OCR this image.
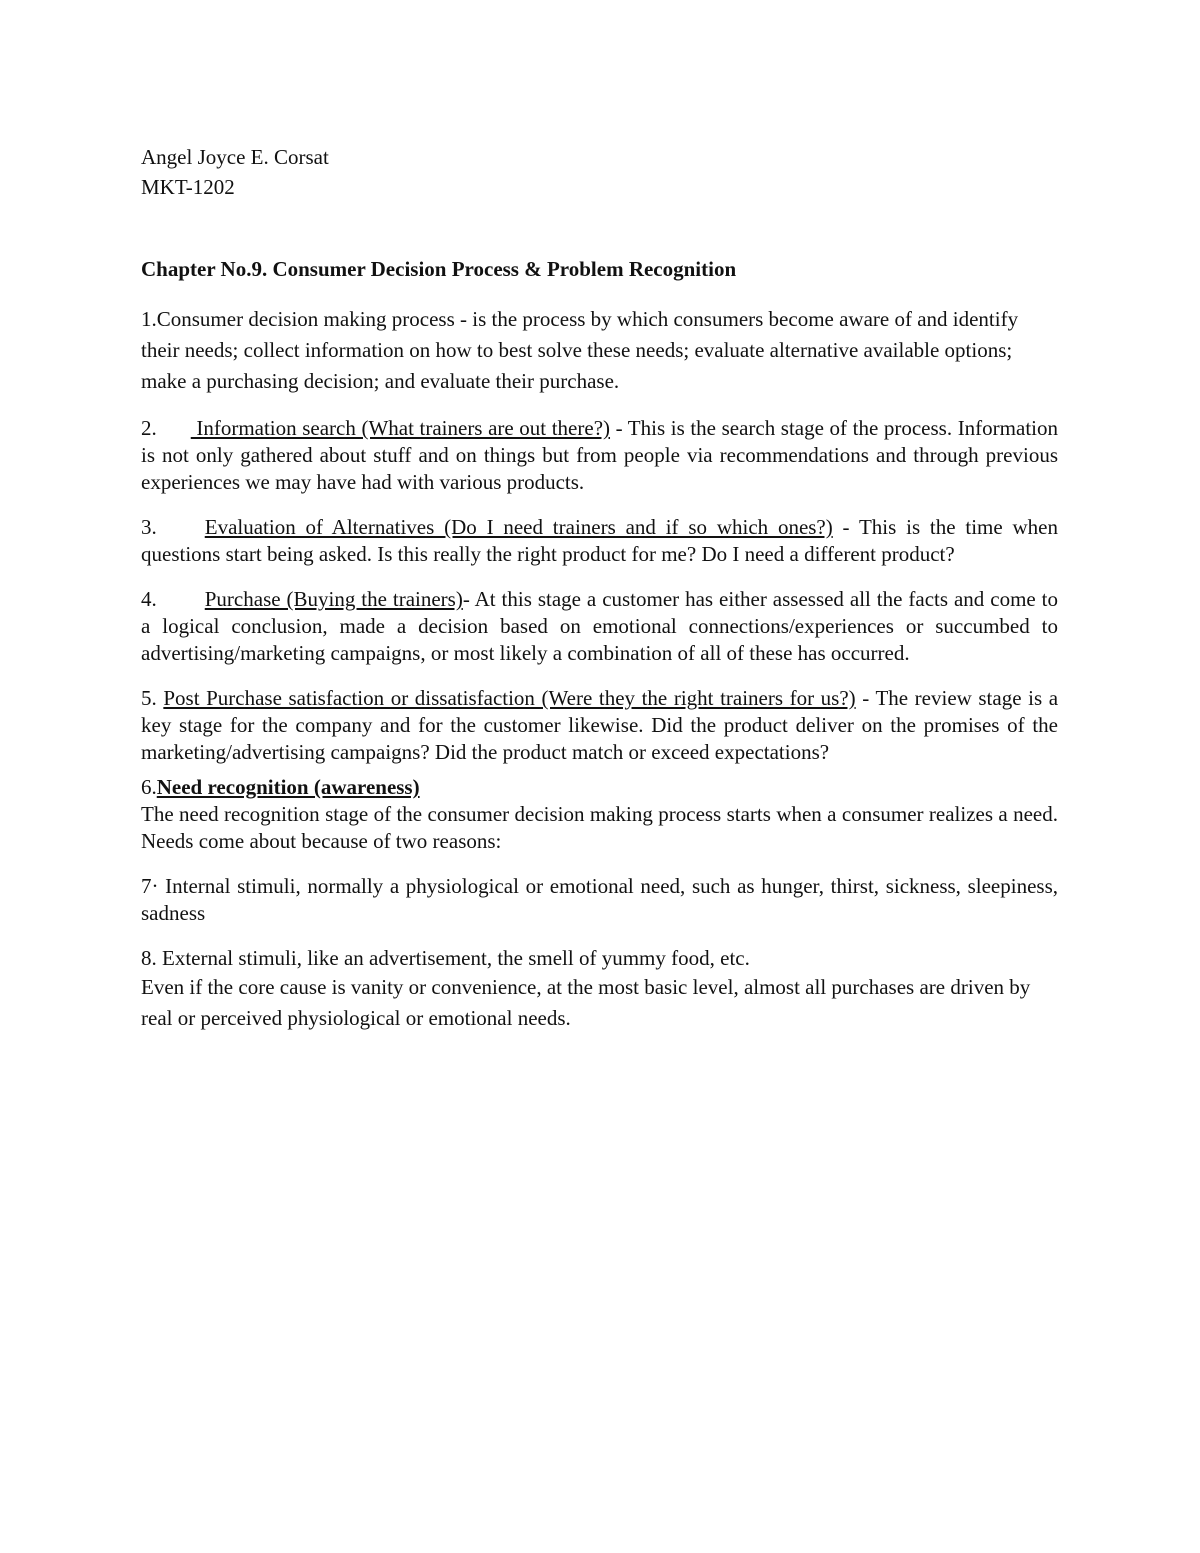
Angel Joyce E. Corsat

MKT-1202

Chapter No.9. Consumer Decision Process & Problem Recognition

1.Consumer decision making process - is the process by which consumers become aware of and identify their needs; collect information on how to best solve these needs; evaluate alternative available options; make a purchasing decision; and evaluate their purchase.

2. Information search (What trainers are out there?) - This is the search stage of the process. Information is not only gathered about stuff and on things but from people via recommendations and through previous experiences we may have had with various products.

3. Evaluation of Alternatives (Do I need trainers and if so which ones?) - This is the time when questions start being asked. Is this really the right product for me? Do I need a different product?

4. Purchase (Buying the trainers)- At this stage a customer has either assessed all the facts and come to a logical conclusion, made a decision based on emotional connections/experiences or succumbed to advertising/marketing campaigns, or most likely a combination of all of these has occurred.

5. Post Purchase satisfaction or dissatisfaction (Were they the right trainers for us?) - The review stage is a key stage for the company and for the customer likewise. Did the product deliver on the promises of the marketing/advertising campaigns? Did the product match or exceed expectations?

6.Need recognition (awareness)
The need recognition stage of the consumer decision making process starts when a consumer realizes a need. Needs come about because of two reasons:

7· Internal stimuli, normally a physiological or emotional need, such as hunger, thirst, sickness, sleepiness, sadness

8. External stimuli, like an advertisement, the smell of yummy food, etc.

Even if the core cause is vanity or convenience, at the most basic level, almost all purchases are driven by real or perceived physiological or emotional needs.
